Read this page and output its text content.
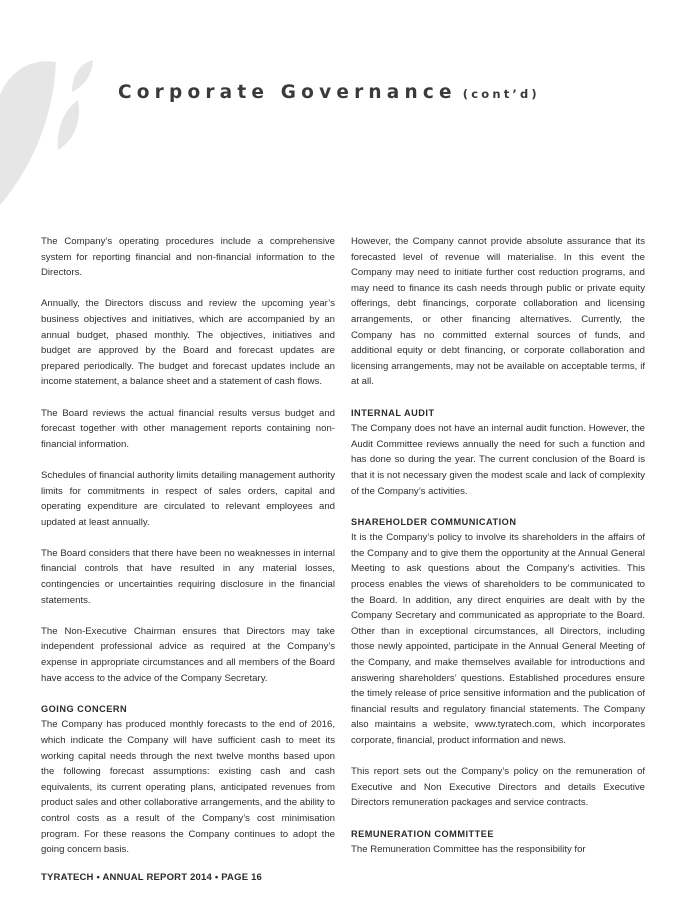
Corporate Governance (cont’d)

The Company’s operating procedures include a comprehensive system for reporting financial and non-financial information to the Directors.

Annually, the Directors discuss and review the upcoming year’s business objectives and initiatives, which are accompanied by an annual budget, phased monthly. The objectives, initiatives and budget are approved by the Board and forecast updates are prepared periodically. The budget and forecast updates include an income statement, a balance sheet and a statement of cash flows.

The Board reviews the actual financial results versus budget and forecast together with other management reports containing non-financial information.

Schedules of financial authority limits detailing management authority limits for commitments in respect of sales orders, capital and operating expenditure are circulated to relevant employees and updated at least annually.

The Board considers that there have been no weaknesses in internal financial controls that have resulted in any material losses, contingencies or uncertainties requiring disclosure in the financial statements.

The Non-Executive Chairman ensures that Directors may take independent professional advice as required at the Company’s expense in appropriate circumstances and all members of the Board have access to the advice of the Company Secretary.

GOING CONCERN

The Company has produced monthly forecasts to the end of 2016, which indicate the Company will have sufficient cash to meet its working capital needs through the next twelve months based upon the following forecast assumptions: existing cash and cash equivalents, its current operating plans, anticipated revenues from product sales and other collaborative arrangements, and the ability to control costs as a result of the Company’s cost minimisation program. For these reasons the Company continues to adopt the going concern basis.

However, the Company cannot provide absolute assurance that its forecasted level of revenue will materialise. In this event the Company may need to initiate further cost reduction programs, and may need to finance its cash needs through public or private equity offerings, debt financings, corporate collaboration and licensing arrangements, or other financing alternatives. Currently, the Company has no committed external sources of funds, and additional equity or debt financing, or corporate collaboration and licensing arrangements, may not be available on acceptable terms, if at all.

INTERNAL AUDIT

The Company does not have an internal audit function. However, the Audit Committee reviews annually the need for such a function and has done so during the year. The current conclusion of the Board is that it is not necessary given the modest scale and lack of complexity of the Company’s activities.

SHAREHOLDER COMMUNICATION

It is the Company’s policy to involve its shareholders in the affairs of the Company and to give them the opportunity at the Annual General Meeting to ask questions about the Company’s activities. This process enables the views of shareholders to be communicated to the Board. In addition, any direct enquiries are dealt with by the Company Secretary and communicated as appropriate to the Board. Other than in exceptional circumstances, all Directors, including those newly appointed, participate in the Annual General Meeting of the Company, and make themselves available for introductions and answering shareholders’ questions. Established procedures ensure the timely release of price sensitive information and the publication of financial results and regulatory financial statements. The Company also maintains a website, www.tyratech.com, which incorporates corporate, financial, product information and news.

This report sets out the Company’s policy on the remuneration of Executive and Non Executive Directors and details Executive Directors remuneration packages and service contracts.

REMUNERATION COMMITTEE

The Remuneration Committee has the responsibility for

TYRATECH • ANNUAL REPORT 2014 • PAGE 16
